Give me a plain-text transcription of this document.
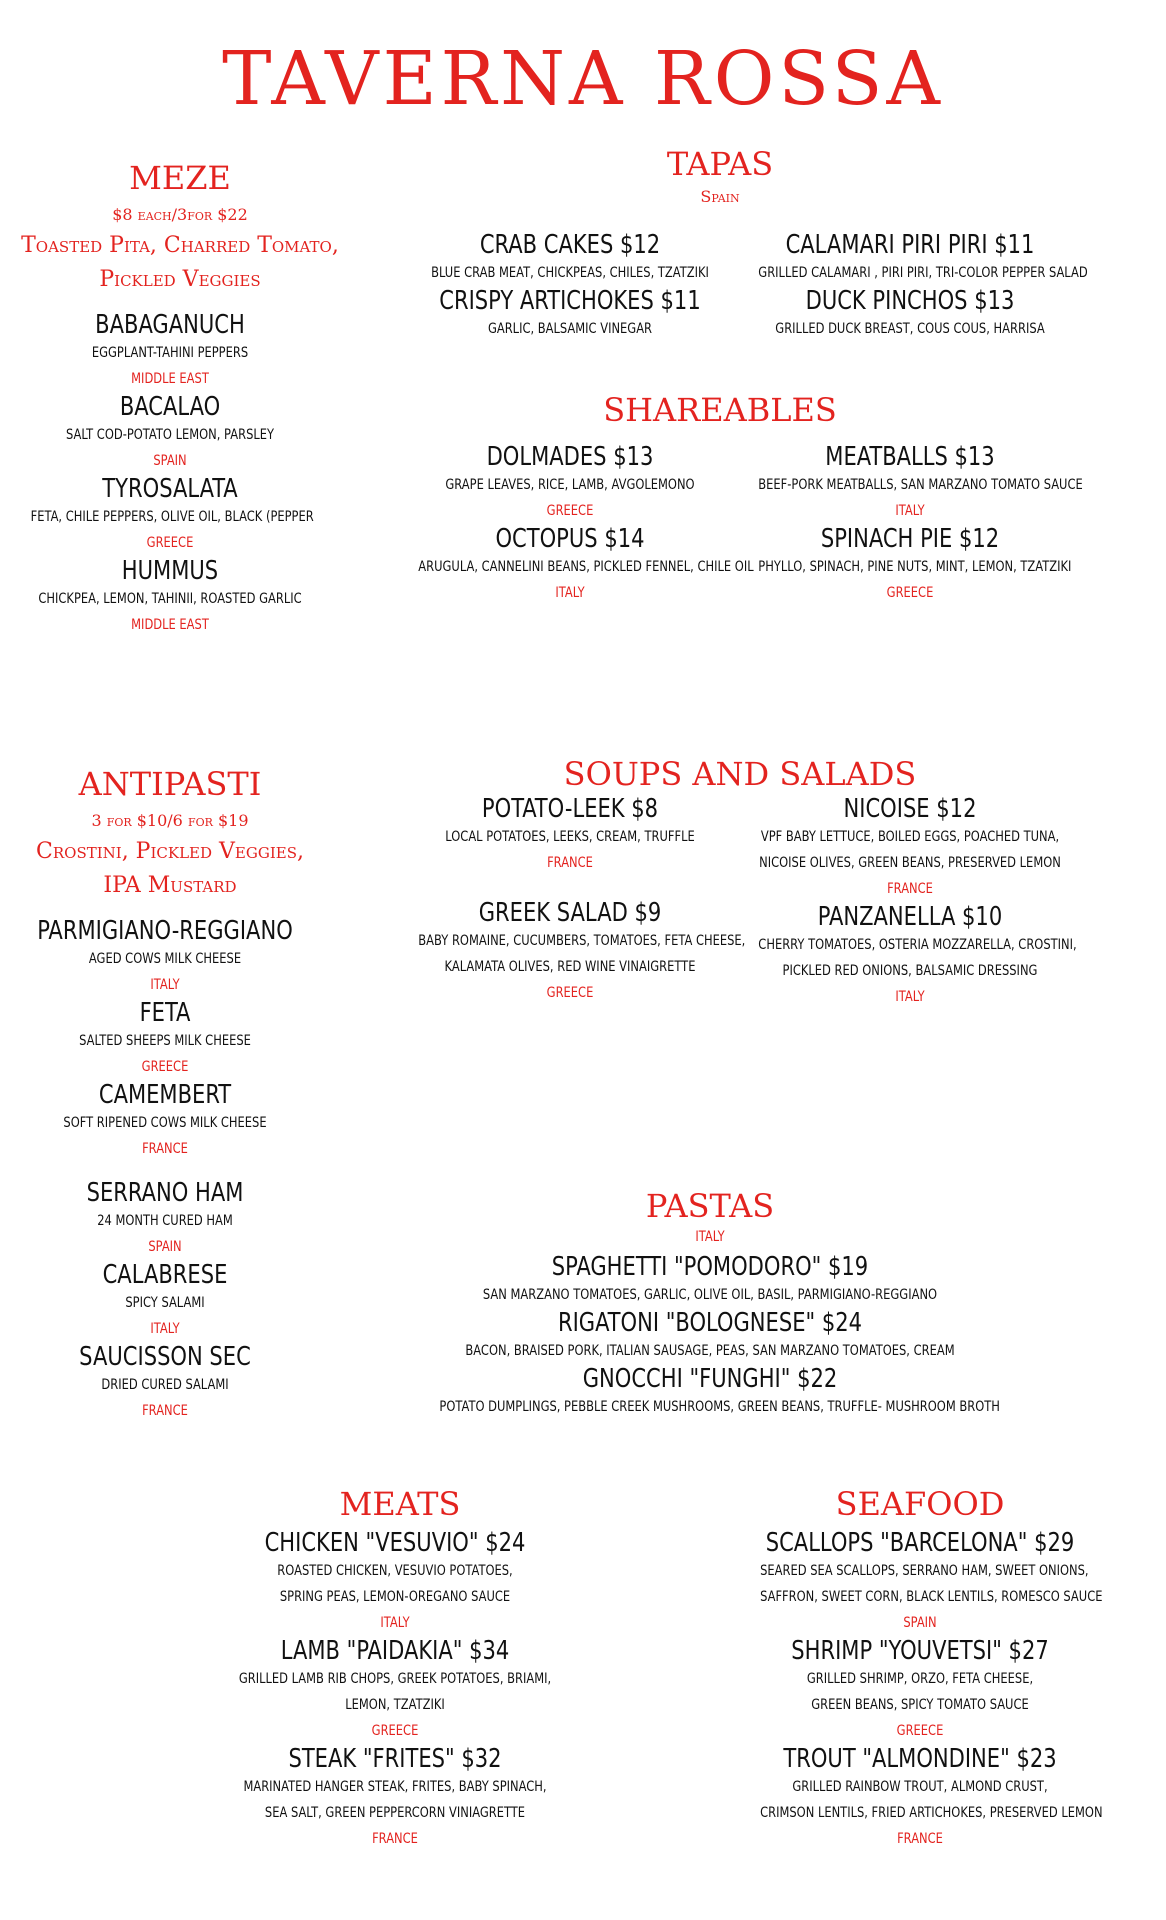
TAVERNA ROSSA
MEZE
$8 each/3for $22
Toasted Pita, Charred Tomato,
Pickled Veggies
BABAGANUCH
EGGPLANT-TAHINI PEPPERS
MIDDLE EAST
BACALAO
SALT COD-POTATO LEMON, PARSLEY
SPAIN
TYROSALATA
FETA, CHILE PEPPERS, OLIVE OIL, BLACK (PEPPER
GREECE
HUMMUS
CHICKPEA, LEMON, TAHINII, ROASTED GARLIC
MIDDLE EAST
TAPAS
Spain
CRAB CAKES $12
BLUE CRAB MEAT, CHICKPEAS, CHILES, TZATZIKI
CRISPY ARTICHOKES $11
GARLIC, BALSAMIC VINEGAR
CALAMARI PIRI PIRI $11
GRILLED CALAMARI , PIRI PIRI, TRI-COLOR PEPPER SALAD
DUCK PINCHOS $13
GRILLED DUCK BREAST, COUS COUS, HARRISA
SHAREABLES
DOLMADES $13
GRAPE LEAVES, RICE, LAMB, AVGOLEMONO
GREECE
OCTOPUS $14
ARUGULA, CANNELINI BEANS, PICKLED FENNEL, CHILE OIL
ITALY
MEATBALLS $13
BEEF-PORK MEATBALLS, SAN MARZANO TOMATO SAUCE
ITALY
SPINACH PIE $12
PHYLLO, SPINACH, PINE NUTS, MINT, LEMON, TZATZIKI
GREECE
ANTIPASTI
3 for $10/6 for $19
Crostini, Pickled Veggies,
IPA Mustard
PARMIGIANO-REGGIANO
AGED COWS MILK CHEESE
ITALY
FETA
SALTED SHEEPS MILK CHEESE
GREECE
CAMEMBERT
SOFT RIPENED COWS MILK CHEESE
FRANCE
SERRANO HAM
24 MONTH CURED HAM
SPAIN
CALABRESE
SPICY SALAMI
ITALY
SAUCISSON SEC
DRIED CURED SALAMI
FRANCE
SOUPS AND SALADS
POTATO-LEEK $8
LOCAL POTATOES, LEEKS, CREAM, TRUFFLE
FRANCE
GREEK SALAD $9
BABY ROMAINE, CUCUMBERS, TOMATOES, FETA CHEESE,
KALAMATA OLIVES, RED WINE VINAIGRETTE
GREECE
NICOISE $12
VPF BABY LETTUCE, BOILED EGGS, POACHED TUNA,
NICOISE OLIVES, GREEN BEANS, PRESERVED LEMON
FRANCE
PANZANELLA $10
CHERRY TOMATOES, OSTERIA MOZZARELLA, CROSTINI,
PICKLED RED ONIONS, BALSAMIC DRESSING
ITALY
PASTAS
ITALY
SPAGHETTI "POMODORO" $19
SAN MARZANO TOMATOES, GARLIC, OLIVE OIL, BASIL, PARMIGIANO-REGGIANO
RIGATONI "BOLOGNESE" $24
BACON, BRAISED PORK, ITALIAN SAUSAGE, PEAS, SAN MARZANO TOMATOES, CREAM
GNOCCHI "FUNGHI" $22
POTATO DUMPLINGS, PEBBLE CREEK MUSHROOMS, GREEN BEANS, TRUFFLE- MUSHROOM BROTH
MEATS
CHICKEN "VESUVIO" $24
ROASTED CHICKEN, VESUVIO POTATOES,
SPRING PEAS, LEMON-OREGANO SAUCE
ITALY
LAMB "PAIDAKIA" $34
GRILLED LAMB RIB CHOPS, GREEK POTATOES, BRIAMI,
LEMON, TZATZIKI
GREECE
STEAK "FRITES" $32
MARINATED HANGER STEAK, FRITES, BABY SPINACH,
SEA SALT, GREEN PEPPERCORN VINIAGRETTE
FRANCE
SEAFOOD
SCALLOPS "BARCELONA" $29
SEARED SEA SCALLOPS, SERRANO HAM, SWEET ONIONS,
SAFFRON, SWEET CORN, BLACK LENTILS, ROMESCO SAUCE
SPAIN
SHRIMP "YOUVETSI" $27
GRILLED SHRIMP, ORZO, FETA CHEESE,
GREEN BEANS, SPICY TOMATO SAUCE
GREECE
TROUT "ALMONDINE" $23
GRILLED RAINBOW TROUT, ALMOND CRUST,
CRIMSON LENTILS, FRIED ARTICHOKES, PRESERVED LEMON
FRANCE
